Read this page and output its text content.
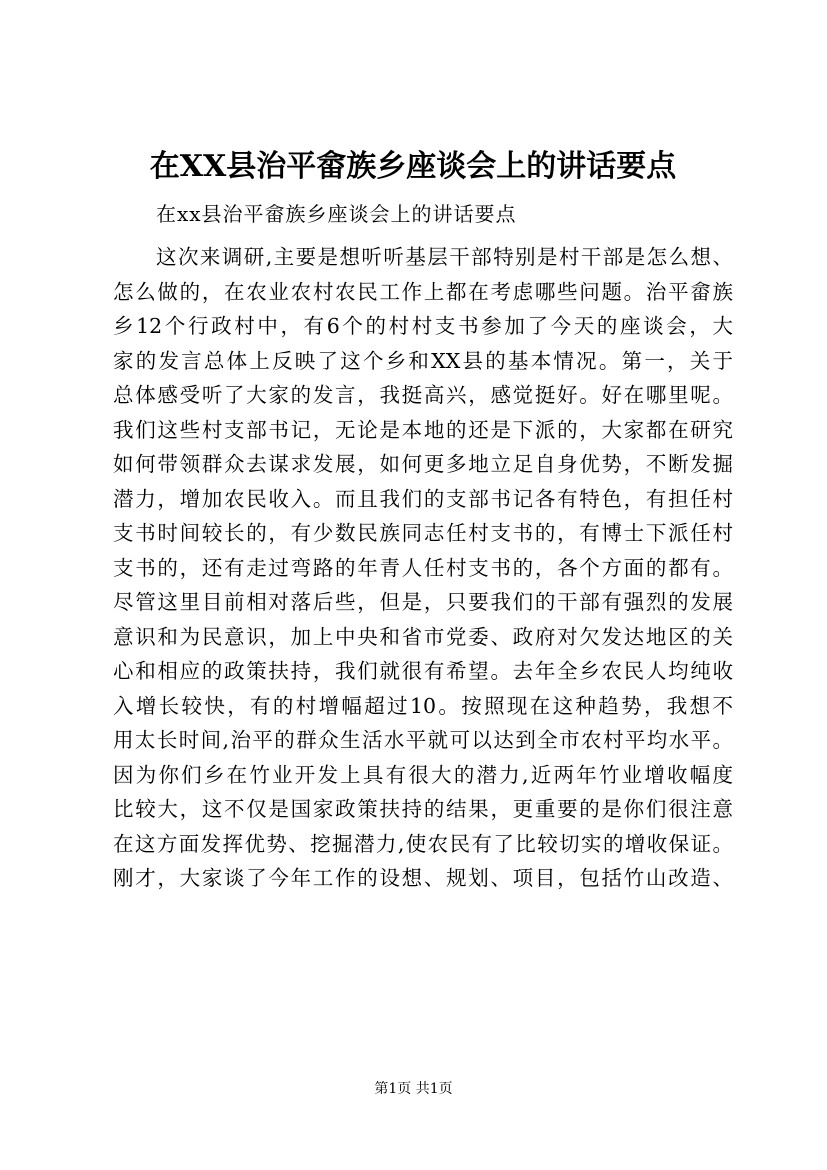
在XX县治平畲族乡座谈会上的讲话要点
在xx县治平畲族乡座谈会上的讲话要点
这次来调研,主要是想听听基层干部特别是村干部是怎么想、
怎么做的，在农业农村农民工作上都在考虑哪些问题。治平畲族
乡12个行政村中，有6个的村村支书参加了今天的座谈会，大
家的发言总体上反映了这个乡和XX县的基本情况。第一，关于
总体感受听了大家的发言，我挺高兴，感觉挺好。好在哪里呢。
我们这些村支部书记，无论是本地的还是下派的，大家都在研究
如何带领群众去谋求发展，如何更多地立足自身优势，不断发掘
潜力，增加农民收入。而且我们的支部书记各有特色，有担任村
支书时间较长的，有少数民族同志任村支书的，有博士下派任村
支书的，还有走过弯路的年青人任村支书的，各个方面的都有。
尽管这里目前相对落后些，但是，只要我们的干部有强烈的发展
意识和为民意识，加上中央和省市党委、政府对欠发达地区的关
心和相应的政策扶持，我们就很有希望。去年全乡农民人均纯收
入增长较快，有的村增幅超过10。按照现在这种趋势，我想不
用太长时间,治平的群众生活水平就可以达到全市农村平均水平。
因为你们乡在竹业开发上具有很大的潜力,近两年竹业增收幅度
比较大，这不仅是国家政策扶持的结果，更重要的是你们很注意
在这方面发挥优势、挖掘潜力,使农民有了比较切实的增收保证。
刚才，大家谈了今年工作的设想、规划、项目，包括竹山改造、
第1页 共1页
